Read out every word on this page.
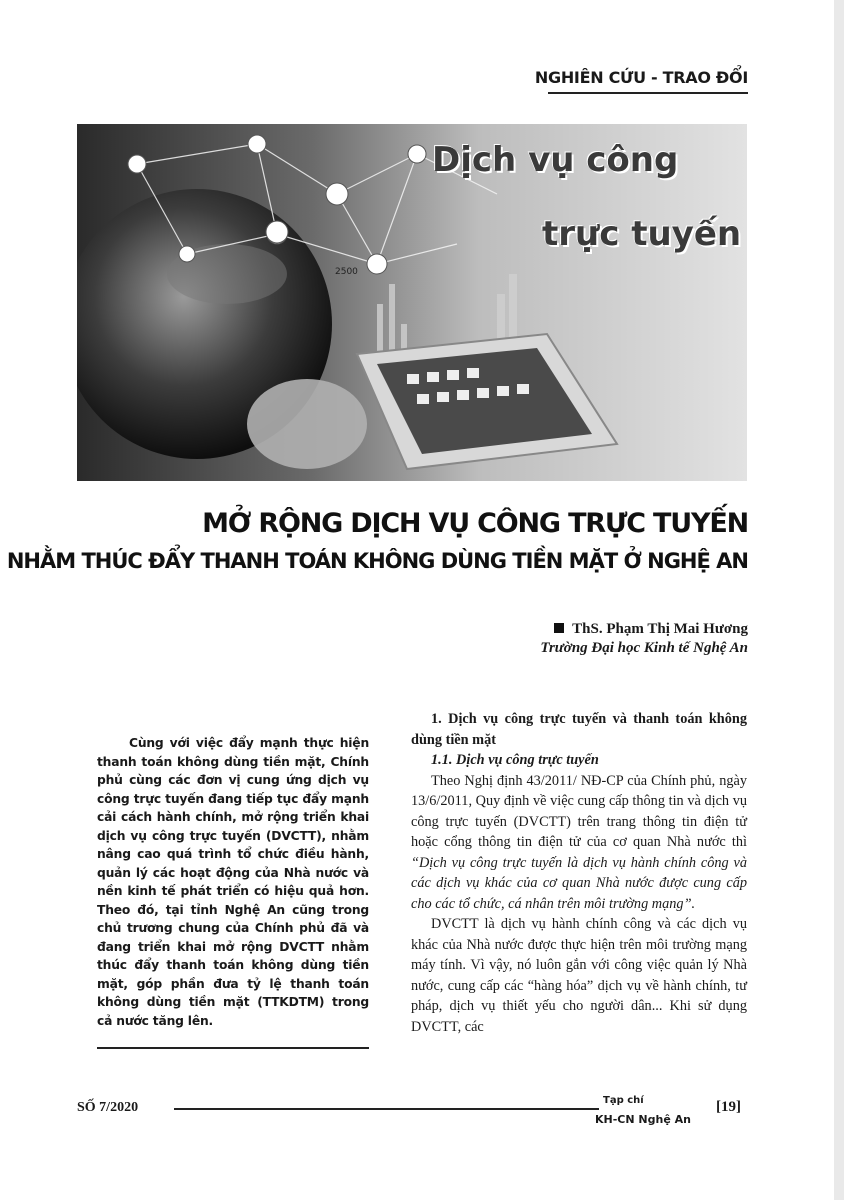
NGHIÊN CỨU - TRAO ĐỔI
2500
Dịch vụ công
trực tuyến
MỞ RỘNG DỊCH VỤ CÔNG TRỰC TUYẾN
NHẰM THÚC ĐẨY THANH TOÁN KHÔNG DÙNG TIỀN MẶT Ở NGHỆ AN
ThS. Phạm Thị Mai Hương
Trường Đại học Kinh tế Nghệ An
Cùng với việc đẩy mạnh thực hiện thanh toán không dùng tiền mặt, Chính phủ cùng các đơn vị cung ứng dịch vụ công trực tuyến đang tiếp tục đẩy mạnh cải cách hành chính, mở rộng triển khai dịch vụ công trực tuyến (DVCTT), nhằm nâng cao quá trình tổ chức điều hành, quản lý các hoạt động của Nhà nước và nền kinh tế phát triển có hiệu quả hơn. Theo đó, tại tỉnh Nghệ An cũng trong chủ trương chung của Chính phủ đã và đang triển khai mở rộng DVCTT nhằm thúc đẩy thanh toán không dùng tiền mặt, góp phần đưa tỷ lệ thanh toán không dùng tiền mặt (TTKDTM) trong cả nước tăng lên.

1. Dịch vụ công trực tuyến và thanh toán không dùng tiền mặt

1.1. Dịch vụ công trực tuyến

Theo Nghị định 43/2011/ NĐ-CP của Chính phủ, ngày 13/6/2011, Quy định về việc cung cấp thông tin và dịch vụ công trực tuyến (DVCTT) trên trang thông tin điện tử hoặc cổng thông tin điện tử của cơ quan Nhà nước thì “Dịch vụ công trực tuyến là dịch vụ hành chính công và các dịch vụ khác của cơ quan Nhà nước được cung cấp cho các tổ chức, cá nhân trên môi trường mạng”.

DVCTT là dịch vụ hành chính công và các dịch vụ khác của Nhà nước được thực hiện trên môi trường mạng máy tính. Vì vậy, nó luôn gắn với công việc quản lý Nhà nước, cung cấp các “hàng hóa” dịch vụ về hành chính, tư pháp, dịch vụ thiết yếu cho người dân... Khi sử dụng DVCTT, các

SỐ 7/2020	Tạp chí
KH-CN Nghệ An
[19]
